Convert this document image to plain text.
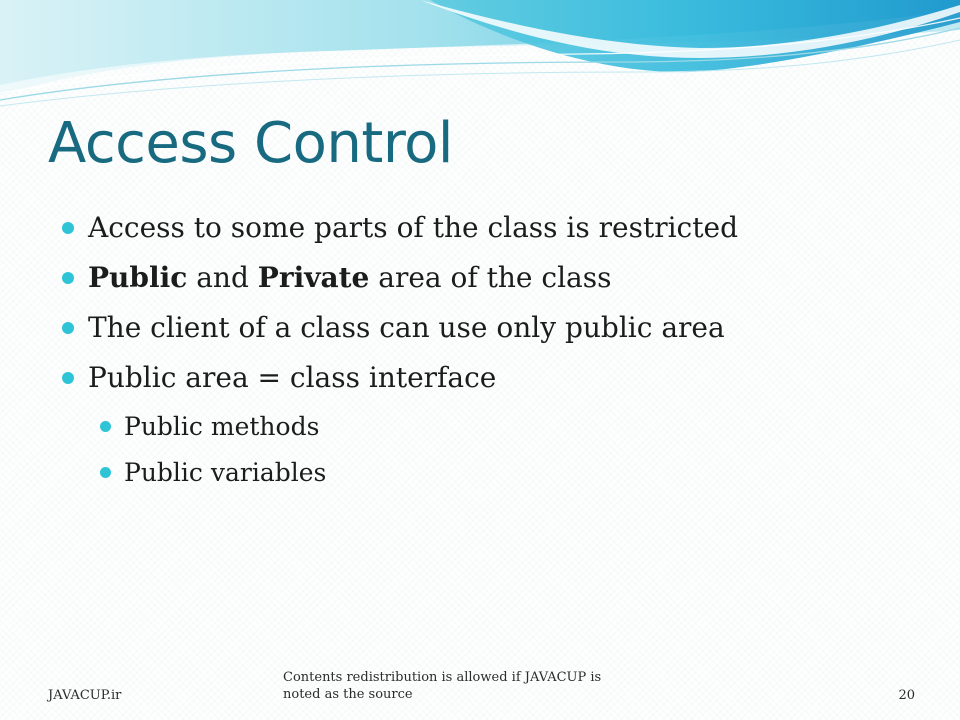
Access Control
Access to some parts of the class is restricted
Public and Private area of the class
The client of a class can use only public area
Public area = class interface
Public methods
Public variables
JAVACUP.ir
Contents redistribution is allowed if JAVACUP is
noted as the source	20
